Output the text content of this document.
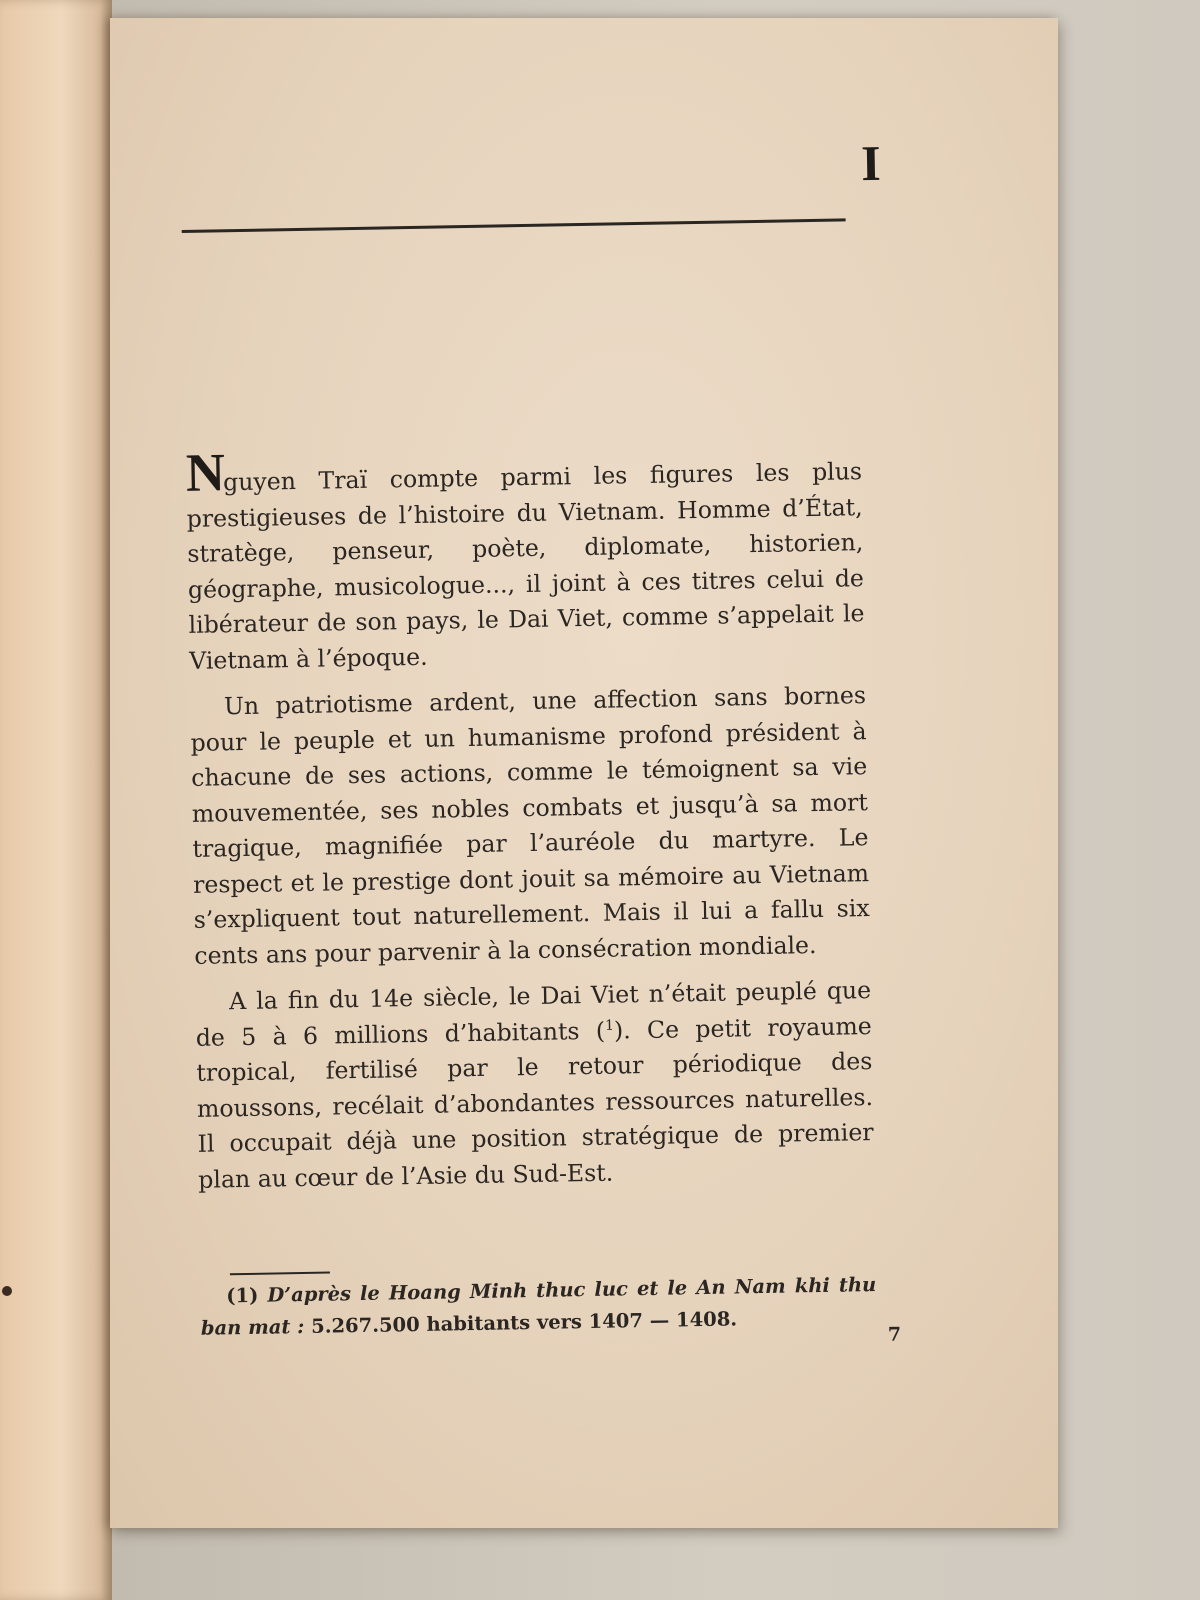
I

Nguyen Traï compte parmi les figures les plus prestigieuses de l’histoire du Vietnam. Homme d’État, stratège, penseur, poète, diplomate, historien, géographe, musicologue..., il joint à ces titres celui de libérateur de son pays, le Dai Viet, comme s’appelait le Vietnam à l’époque.

Un patriotisme ardent, une affection sans bornes pour le peuple et un humanisme profond président à chacune de ses actions, comme le témoignent sa vie mouvementée, ses nobles combats et jusqu’à sa mort tragique, magnifiée par l’auréole du martyre. Le respect et le prestige dont jouit sa mémoire au Vietnam s’expliquent tout naturellement. Mais il lui a fallu six cents ans pour parvenir à la consécration mondiale.

A la fin du 14e siècle, le Dai Viet n’était peuplé que de 5 à 6 millions d’habitants ($^1$). Ce petit royaume tropical, fertilisé par le retour périodique des moussons, recélait d’abondantes ressources naturelles. Il occupait déjà une position stratégique de premier plan au cœur de l’Asie du Sud-Est.

(1) D’après le Hoang Minh thuc luc et le An Nam khi thu ban mat : 5.267.500 habitants vers 1407 — 1408.	7
